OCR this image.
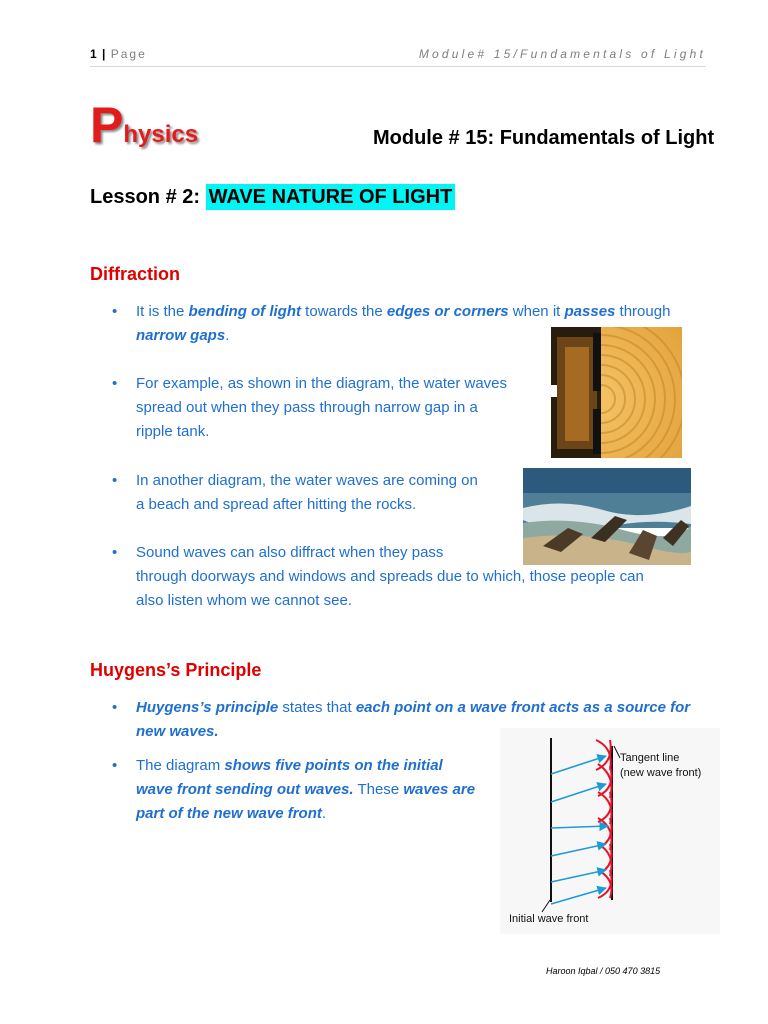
1 | Page	Module# 15/Fundamentals of Light
Physics	Module # 15: Fundamentals of Light
Lesson # 2: WAVE NATURE OF LIGHT
Diffraction
• It is the bending of light towards the edges or corners when it passes through
narrow gaps.
• For example, as shown in the diagram, the water waves
spread out when they pass through narrow gap in a
ripple tank.
• In another diagram, the water waves are coming on
a beach and spread after hitting the rocks.
• Sound waves can also diffract when they pass
through doorways and windows and spreads due to which, those people can
also listen whom we cannot see.
Huygens’s Principle
• Huygens’s principle states that each point on a wave front acts as a source for
new waves.
• The diagram shows five points on the initial
wave front sending out waves. These waves are
part of the new wave front.
Tangent line
(new wave front)
Initial wave front
Haroon Iqbal / 050 470 3815
